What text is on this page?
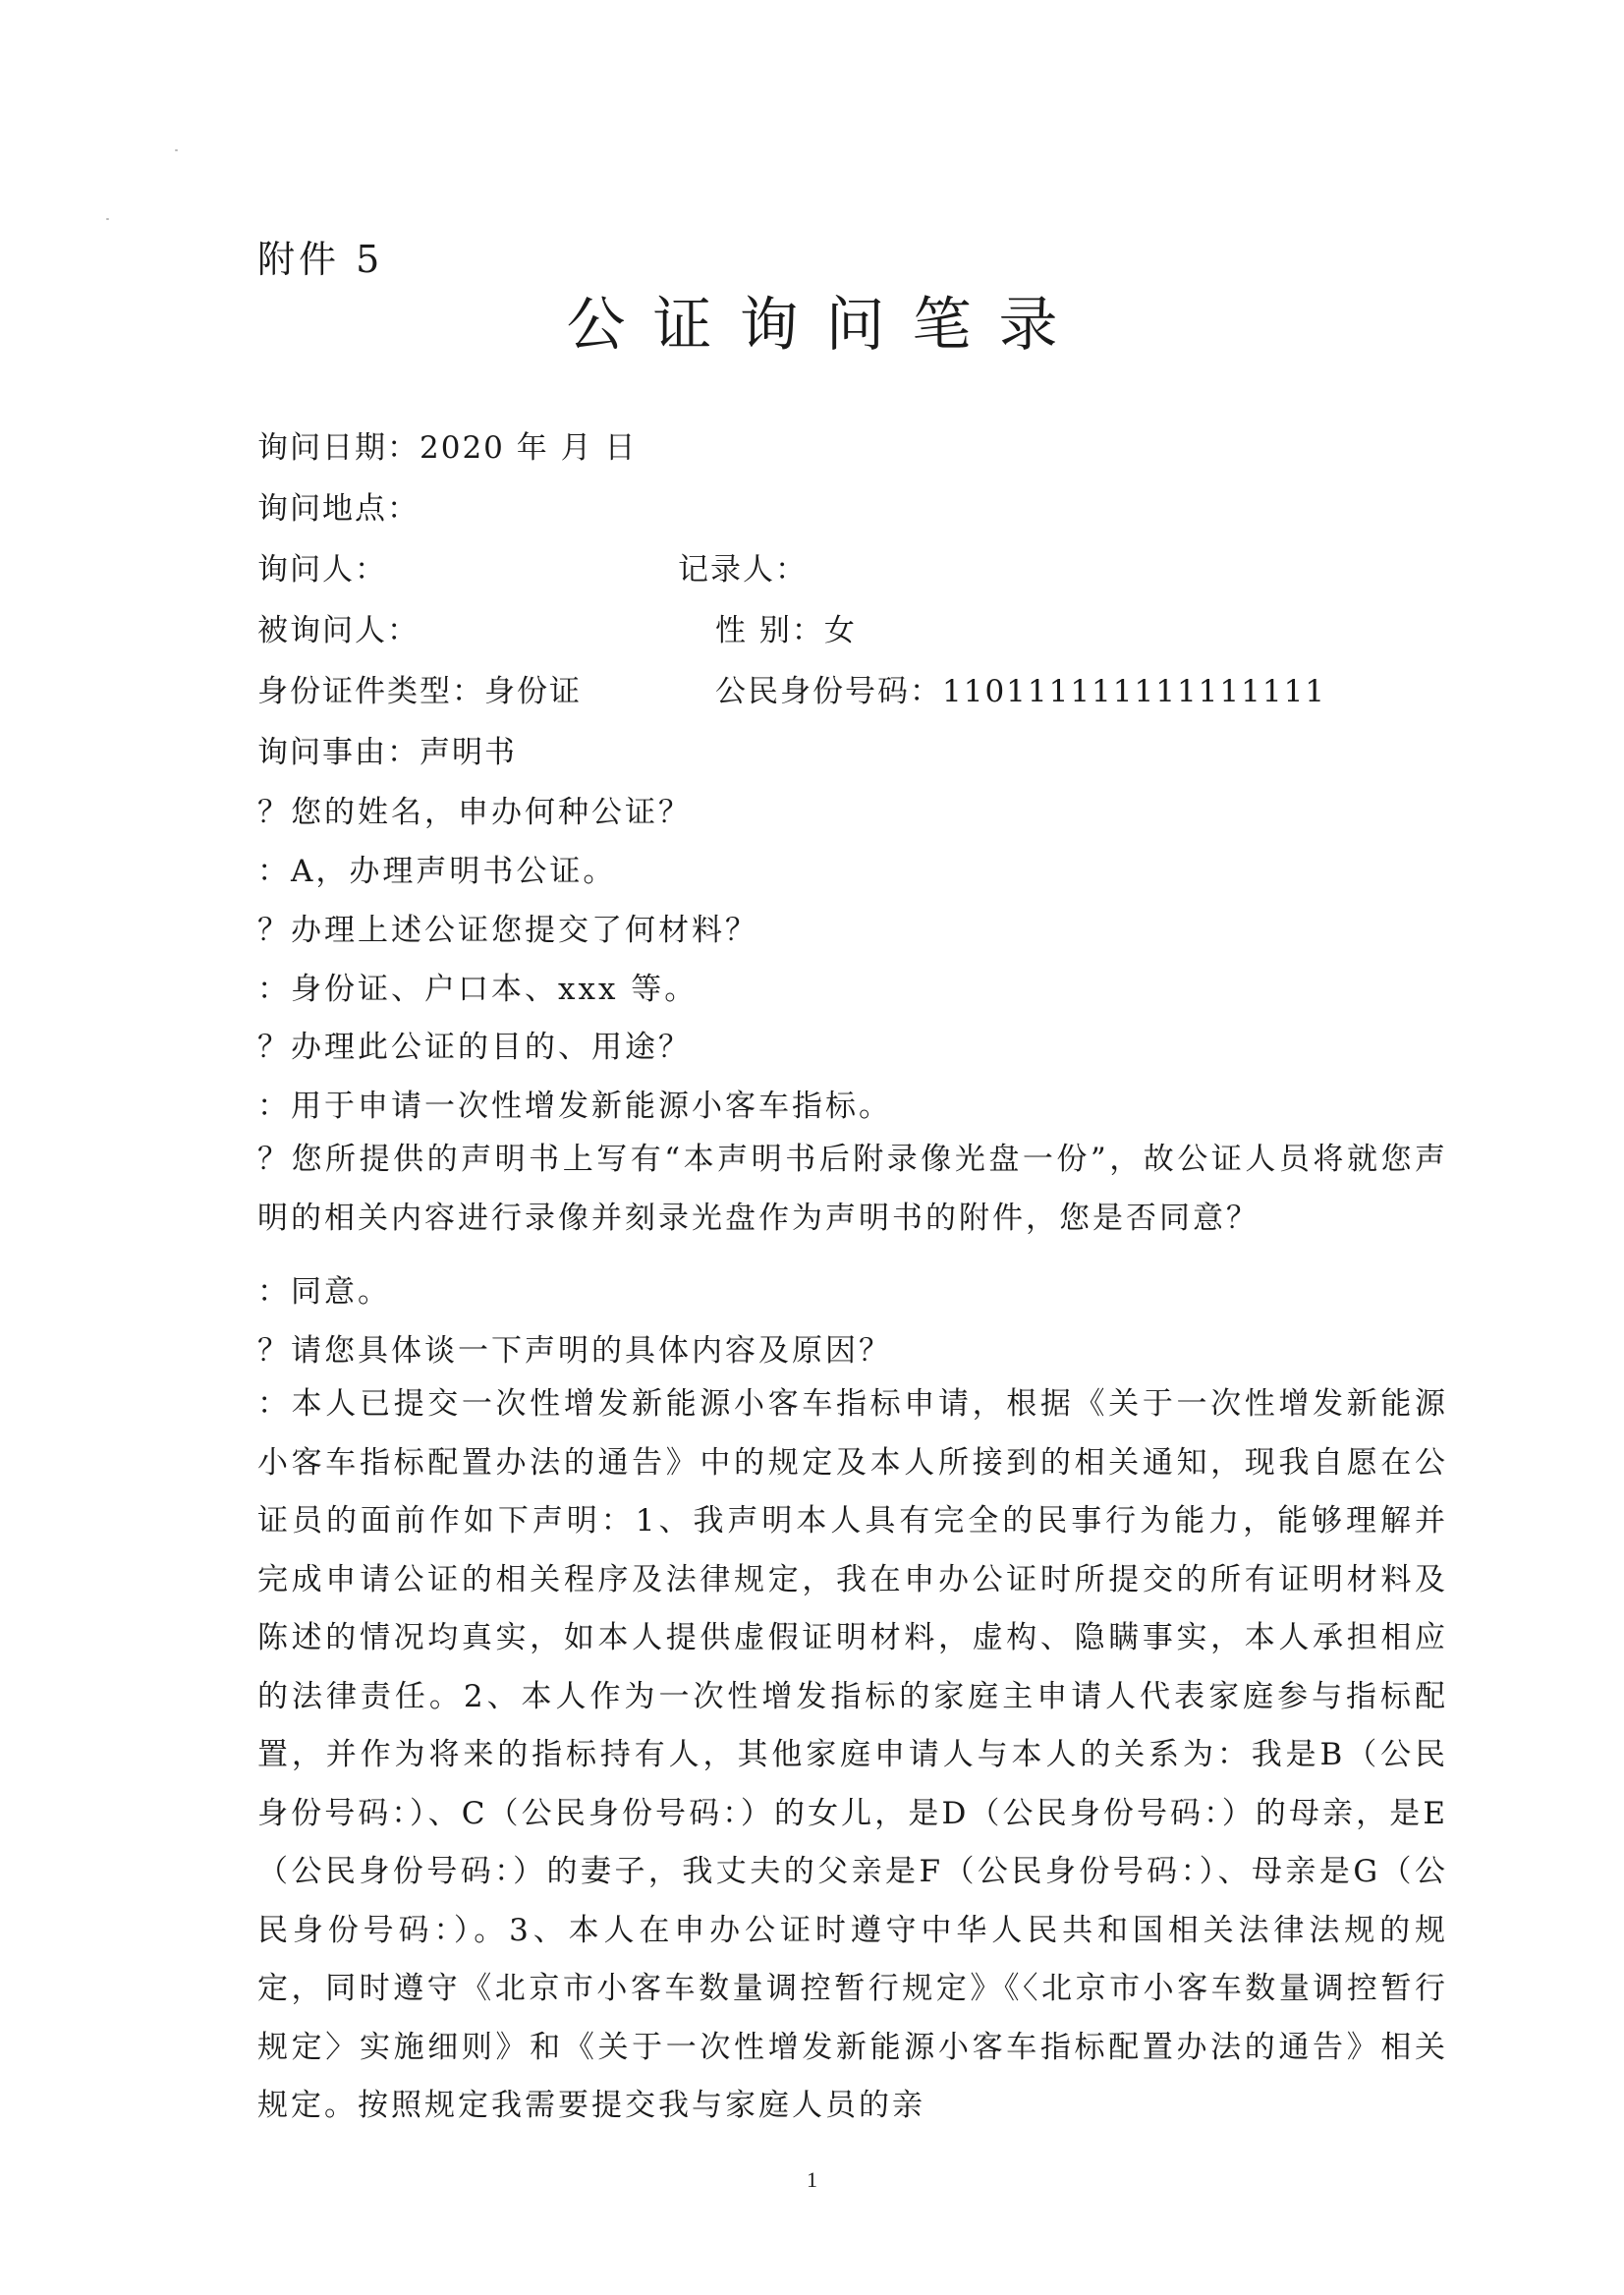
附件 5
公证询问笔录
询问日期：2020 年 月 日
询问地点：
询问人：	记录人：
被询问人：	性 别：女
身份证件类型：身份证	公民身份号码：110111111111111111
询问事由：声明书
？您的姓名，申办何种公证？
：A，办理声明书公证。
？办理上述公证您提交了何材料？
：身份证、户口本、xxx 等。
？办理此公证的目的、用途？
：用于申请一次性增发新能源小客车指标。
？您所提供的声明书上写有“本声明书后附录像光盘一份”，故公证人员将就您声明的相关内容进行录像并刻录光盘作为声明书的附件，您是否同意？
：同意。
？请您具体谈一下声明的具体内容及原因？
：本人已提交一次性增发新能源小客车指标申请，根据《关于一次性增发新能源小客车指标配置办法的通告》中的规定及本人所接到的相关通知，现我自愿在公证员的面前作如下声明：1、我声明本人具有完全的民事行为能力，能够理解并完成申请公证的相关程序及法律规定，我在申办公证时所提交的所有证明材料及陈述的情况均真实，如本人提供虚假证明材料，虚构、隐瞒事实，本人承担相应的法律责任。2、本人作为一次性增发指标的家庭主申请人代表家庭参与指标配置，并作为将来的指标持有人，其他家庭申请人与本人的关系为：我是B（公民身份号码：）、C（公民身份号码：）的女儿，是D（公民身份号码：）的母亲，是E（公民身份号码：）的妻子，我丈夫的父亲是F（公民身份号码：）、母亲是G（公民身份号码：）。3、本人在申办公证时遵守中华人民共和国相关法律法规的规定，同时遵守《北京市小客车数量调控暂行规定》《〈北京市小客车数量调控暂行规定〉实施细则》和《关于一次性增发新能源小客车指标配置办法的通告》相关规定。按照规定我需要提交我与家庭人员的亲
1
